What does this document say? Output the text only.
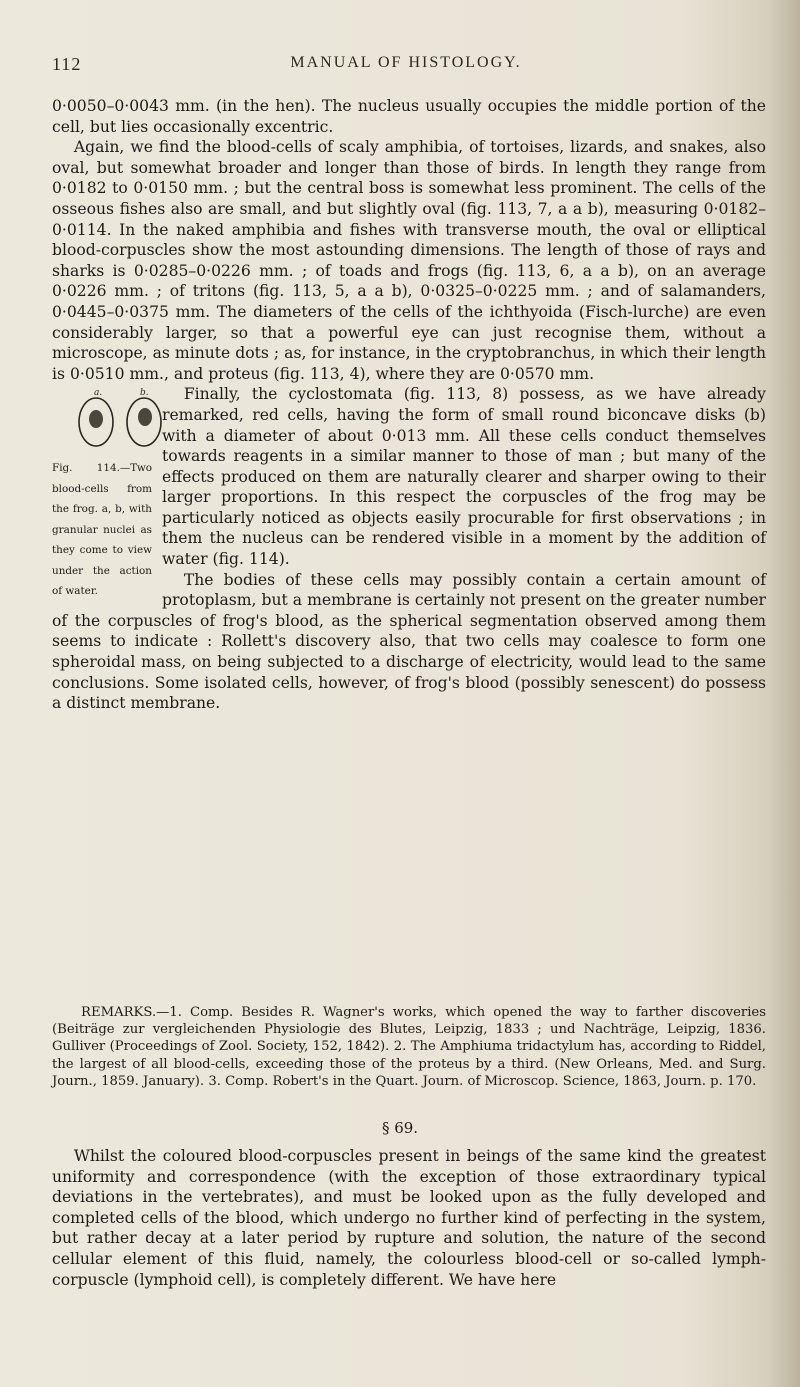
112	MANUAL OF HISTOLOGY.

0·0050–0·0043 mm. (in the hen). The nucleus usually occupies the middle portion of the cell, but lies occasionally excentric.

Again, we find the blood-cells of scaly amphibia, of tortoises, lizards, and snakes, also oval, but somewhat broader and longer than those of birds. In length they range from 0·0182 to 0·0150 mm. ; but the central boss is somewhat less prominent. The cells of the osseous fishes also are small, and but slightly oval (fig. 113, 7, a a b), measuring 0·0182–0·0114. In the naked amphibia and fishes with transverse mouth, the oval or elliptical blood-corpuscles show the most astounding dimensions. The length of those of rays and sharks is 0·0285–0·0226 mm. ; of toads and frogs (fig. 113, 6, a a b), on an average 0·0226 mm. ; of tritons (fig. 113, 5, a a b), 0·0325–0·0225 mm. ; and of salamanders, 0·0445–0·0375 mm. The diameters of the cells of the ichthyoida (Fisch-lurche) are even considerably larger, so that a powerful eye can just recognise them, without a microscope, as minute dots ; as, for instance, in the cryptobranchus, in which their length is 0·0510 mm., and proteus (fig. 113, 4), where they are 0·0570 mm.

a.	b.
Fig. 114.—Two blood-cells from the frog. a, b, with granular nuclei as they come to view under the action of water.
Finally, the cyclostomata (fig. 113, 8) possess, as we have already remarked, red cells, having the form of small round biconcave disks (b) with a diameter of about 0·013 mm. All these cells conduct themselves towards reagents in a similar manner to those of man ; but many of the effects produced on them are naturally clearer and sharper owing to their larger proportions. In this respect the corpuscles of the frog may be particularly noticed as objects easily procurable for first observations ; in them the nucleus can be rendered visible in a moment by the addition of water (fig. 114).

The bodies of these cells may possibly contain a certain amount of protoplasm, but a membrane is certainly not present on the greater number of the corpuscles of frog's blood, as the spherical segmentation observed among them seems to indicate : Rollett's discovery also, that two cells may coalesce to form one spheroidal mass, on being subjected to a discharge of electricity, would lead to the same conclusions. Some isolated cells, however, of frog's blood (possibly senescent) do possess a distinct membrane.

REMARKS.—1. Comp. Besides R. Wagner's works, which opened the way to farther discoveries (Beiträge zur vergleichenden Physiologie des Blutes, Leipzig, 1833 ; und Nachträge, Leipzig, 1836. Gulliver (Proceedings of Zool. Society, 152, 1842). 2. The Amphiuma tridactylum has, according to Riddel, the largest of all blood-cells, exceeding those of the proteus by a third. (New Orleans, Med. and Surg. Journ., 1859. January). 3. Comp. Robert's in the Quart. Journ. of Microscop. Science, 1863, Journ. p. 170.

§ 69.

Whilst the coloured blood-corpuscles present in beings of the same kind the greatest uniformity and correspondence (with the exception of those extraordinary typical deviations in the vertebrates), and must be looked upon as the fully developed and completed cells of the blood, which undergo no further kind of perfecting in the system, but rather decay at a later period by rupture and solution, the nature of the second cellular element of this fluid, namely, the colourless blood-cell or so-called lymph-corpuscle (lymphoid cell), is completely different. We have here
